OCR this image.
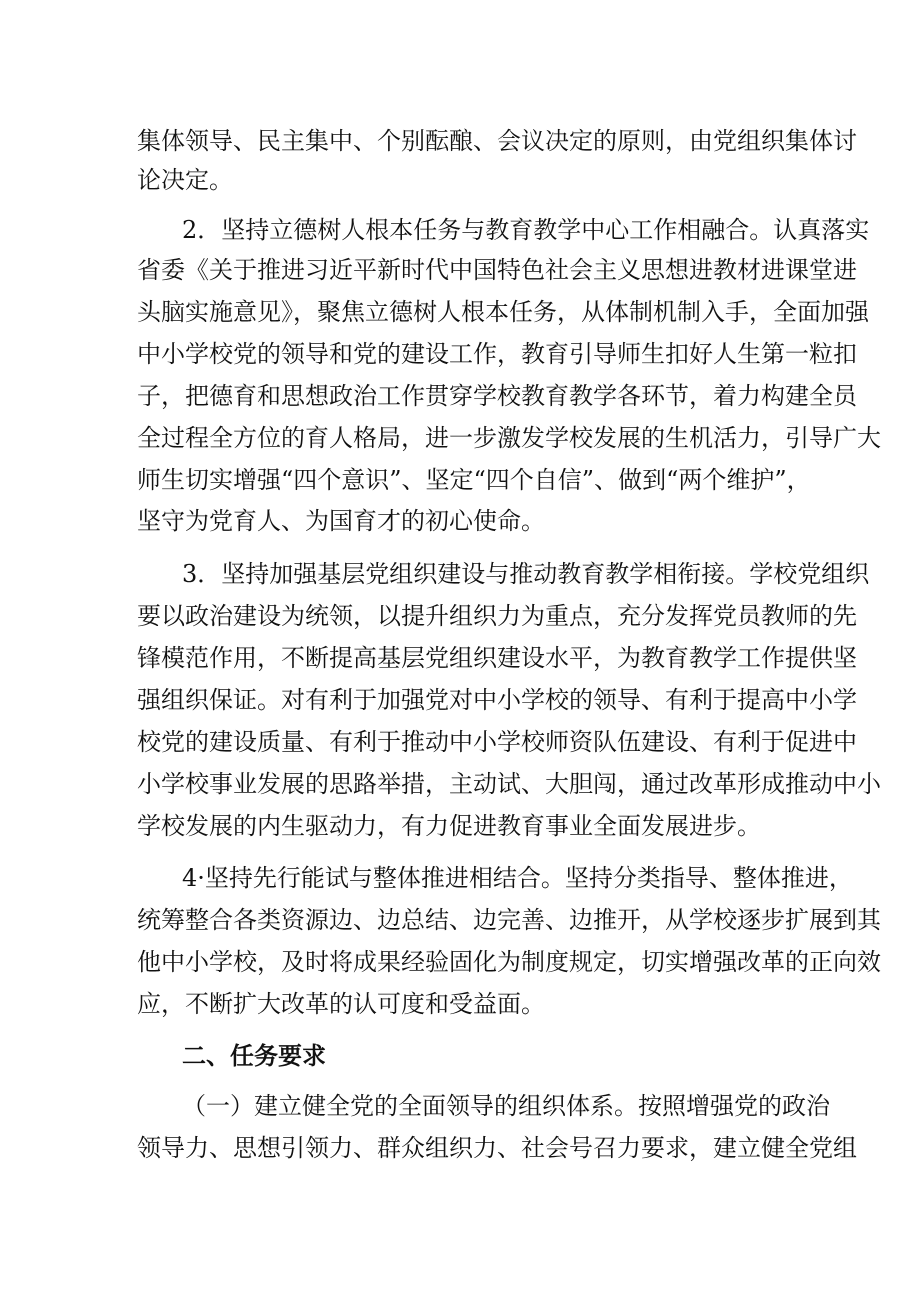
集体领导、民主集中、个别酝酿、会议决定的原则，由党组织集体讨
论决定。
2．坚持立德树人根本任务与教育教学中心工作相融合。认真落实
省委《关于推进习近平新时代中国特色社会主义思想进教材进课堂进
头脑实施意见》，聚焦立德树人根本任务，从体制机制入手，全面加强
中小学校党的领导和党的建设工作，教育引导师生扣好人生第一粒扣
子，把德育和思想政治工作贯穿学校教育教学各环节，着力构建全员
全过程全方位的育人格局，进一步激发学校发展的生机活力，引导广大
师生切实增强“四个意识”、坚定“四个自信”、做到“两个维护”，
坚守为党育人、为国育才的初心使命。
3．坚持加强基层党组织建设与推动教育教学相衔接。学校党组织
要以政治建设为统领，以提升组织力为重点，充分发挥党员教师的先
锋模范作用，不断提高基层党组织建设水平，为教育教学工作提供坚
强组织保证。对有利于加强党对中小学校的领导、有利于提高中小学
校党的建设质量、有利于推动中小学校师资队伍建设、有利于促进中
小学校事业发展的思路举措，主动试、大胆闯，通过改革形成推动中小
学校发展的内生驱动力，有力促进教育事业全面发展进步。
4·坚持先行能试与整体推进相结合。坚持分类指导、整体推进，
统筹整合各类资源边、边总结、边完善、边推开，从学校逐步扩展到其
他中小学校，及时将成果经验固化为制度规定，切实增强改革的正向效
应，不断扩大改革的认可度和受益面。
二、任务要求
（一）建立健全党的全面领导的组织体系。按照增强党的政治
领导力、思想引领力、群众组织力、社会号召力要求，建立健全党组
